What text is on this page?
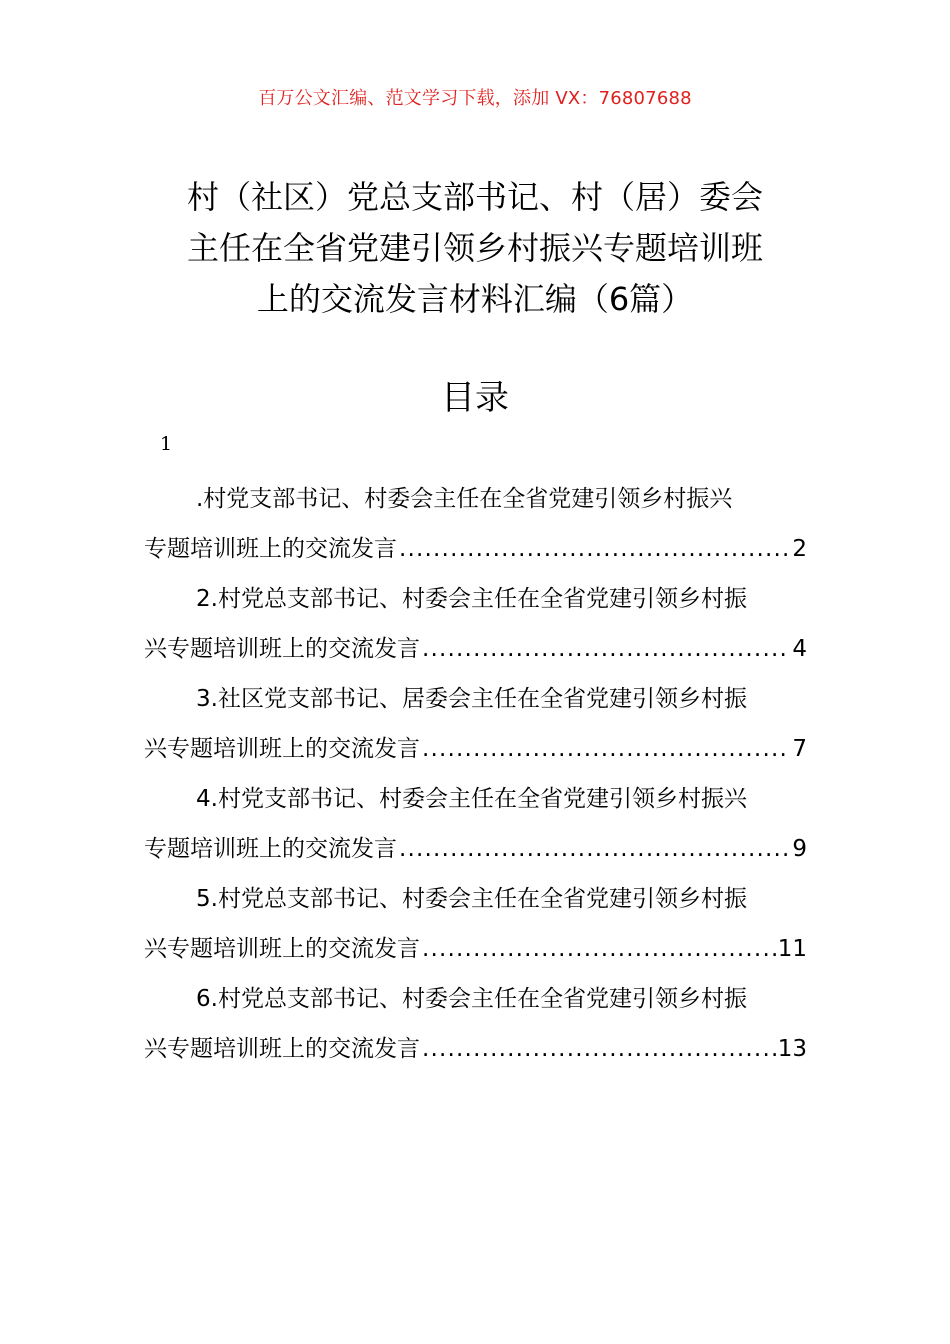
百万公文汇编、范文学习下载，添加 VX：76807688
村（社区）党总支部书记、村（居）委会
主任在全省党建引领乡村振兴专题培训班
上的交流发言材料汇编（6篇）
目录
1
.村党支部书记、村委会主任在全省党建引领乡村振兴
专题培训班上的交流发言 .....	2
2.村党总支部书记、村委会主任在全省党建引领乡村振
兴专题培训班上的交流发言 .....	4
3.社区党支部书记、居委会主任在全省党建引领乡村振
兴专题培训班上的交流发言 .....	7
4.村党支部书记、村委会主任在全省党建引领乡村振兴
专题培训班上的交流发言 .....	9
5.村党总支部书记、村委会主任在全省党建引领乡村振
兴专题培训班上的交流发言 .....	11
6.村党总支部书记、村委会主任在全省党建引领乡村振
兴专题培训班上的交流发言 .....	13
